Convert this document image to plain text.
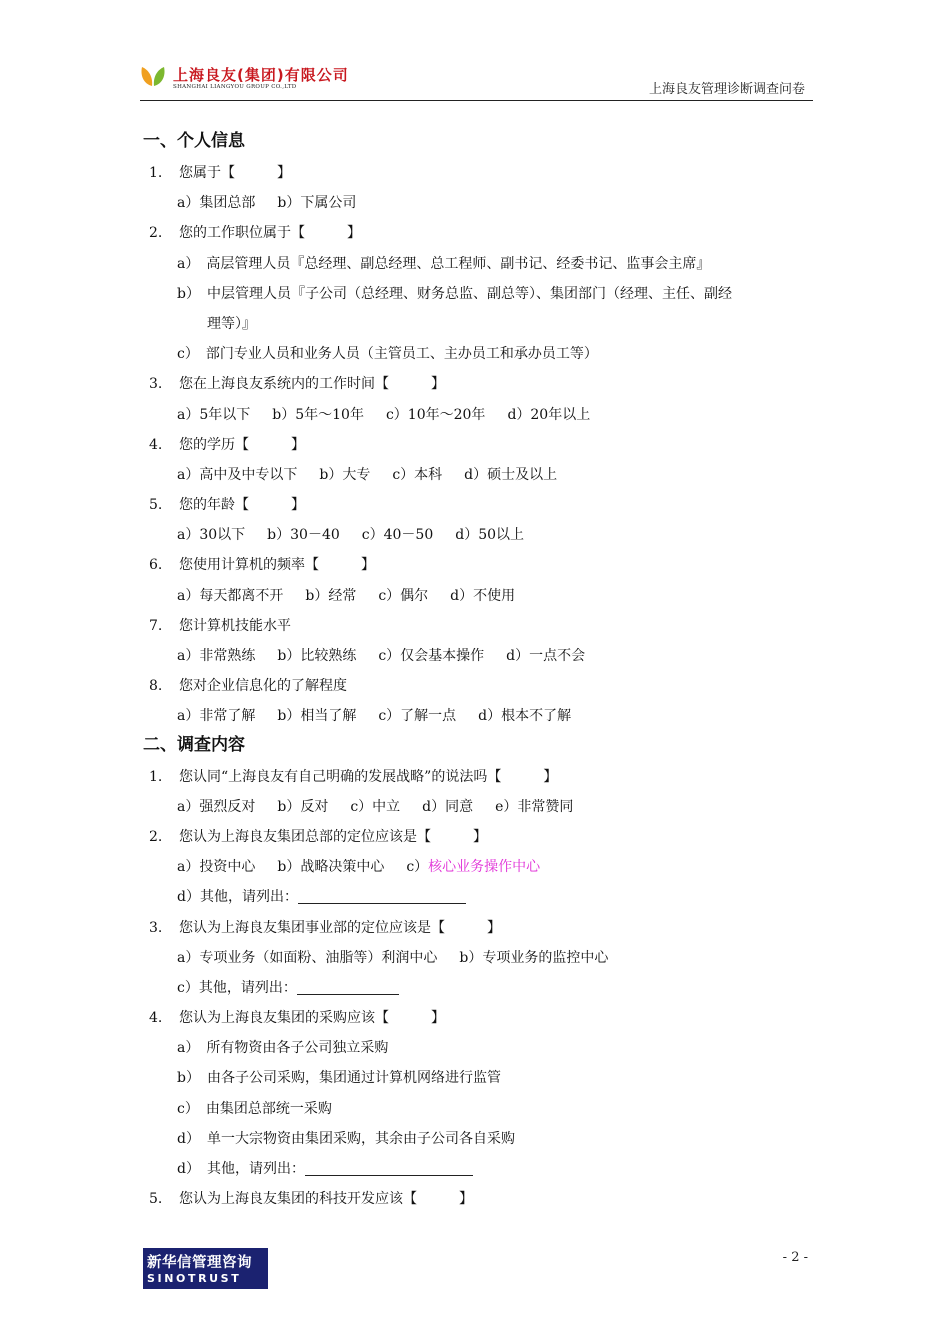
上海良友(集团)有限公司
SHANGHAI LIANGYOU GROUP CO.,LTD	上海良友管理诊断调查问卷
一、个人信息
1. 您属于【　　　】
a）集团总部 b）下属公司
2. 您的工作职位属于【　　　】
a）　高层管理人员『总经理、副总经理、总工程师、副书记、经委书记、监事会主席』
b）　中层管理人员『子公司（总经理、财务总监、副总等）、集团部门（经理、主任、副经
理等）』
c）　部门专业人员和业务人员（主管员工、主办员工和承办员工等）
3. 您在上海良友系统内的工作时间【　　　】
a）5年以下 b）5年～10年 c）10年～20年 d）20年以上
4. 您的学历【　　　】
a）高中及中专以下 b）大专 c）本科 d）硕士及以上
5. 您的年龄【　　　】
a）30以下 b）30－40 c）40－50 d）50以上
6. 您使用计算机的频率【　　　】
a）每天都离不开 b）经常 c）偶尔 d）不使用
7. 您计算机技能水平
a）非常熟练 b）比较熟练 c）仅会基本操作 d）一点不会
8. 您对企业信息化的了解程度
a）非常了解 b）相当了解 c）了解一点 d）根本不了解
二、调查内容
1. 您认同“上海良友有自己明确的发展战略”的说法吗【　　　】
a）强烈反对 b）反对 c）中立 d）同意 e）非常赞同
2. 您认为上海良友集团总部的定位应该是【　　　】
a）投资中心 b）战略决策中心 c）核心业务操作中心
d）其他，请列出：
3. 您认为上海良友集团事业部的定位应该是【　　　】
a）专项业务（如面粉、油脂等）利润中心 b）专项业务的监控中心
c）其他，请列出：
4. 您认为上海良友集团的采购应该【　　　】
a）　所有物资由各子公司独立采购
b）　由各子公司采购，集团通过计算机网络进行监管
c）　由集团总部统一采购
d）　单一大宗物资由集团采购，其余由子公司各自采购
d）　其他，请列出：
5. 您认为上海良友集团的科技开发应该【　　　】
新华信管理咨询
SINOTRUST
- 2 -
